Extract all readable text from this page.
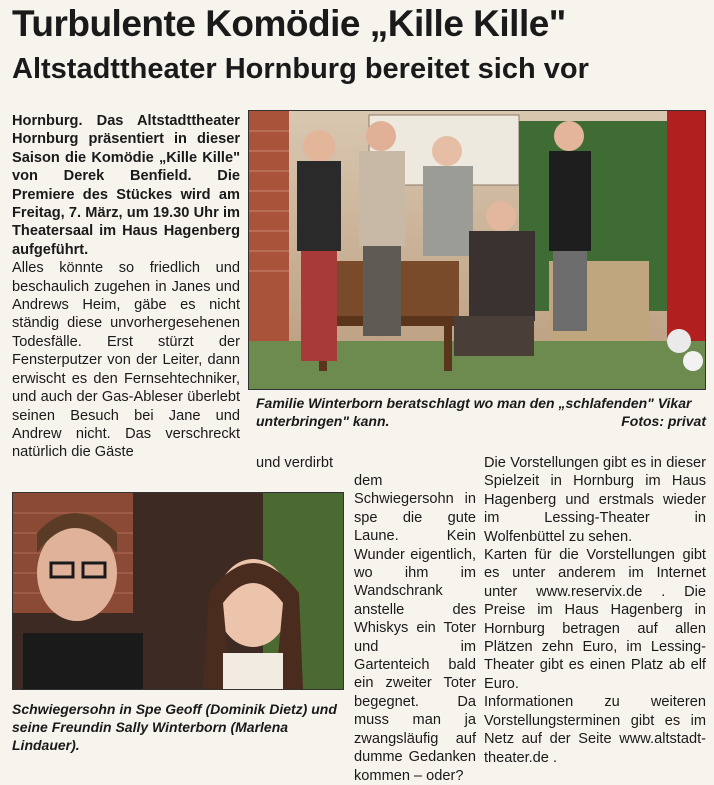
Turbulente Komödie „Kille Kille"
Altstadttheater Hornburg bereitet sich vor

Hornburg. Das Altstadttheater Hornburg präsentiert in dieser Saison die Komödie „Kille Kille" von Derek Benfield. Die Premiere des Stückes wird am Freitag, 7. März, um 19.30 Uhr im Theatersaal im Haus Hagenberg aufgeführt.

Alles könnte so friedlich und beschaulich zugehen in Janes und Andrews Heim, gäbe es nicht ständig diese unvorhergesehenen Todesfälle. Erst stürzt der Fensterputzer von der Leiter, dann erwischt es den Fernsehtechniker, und auch der Gas-Ableser überlebt seinen Besuch bei Jane und Andrew nicht. Das verschreckt natürlich die Gäste

und verdirbt
Familie Winterborn beratschlagt wo man den „schlafenden" Vikar unterbringen" kann.	Fotos: privat
Schwiegersohn in Spe Geoff (Dominik Dietz) und seine Freundin Sally Winterborn (Marlena Lindauer).

dem Schwiegersohn in spe die gute Laune. Kein Wunder eigentlich, wo ihm im Wandschrank anstelle des Whiskys ein Toter und im Gartenteich bald ein zweiter Toter begegnet. Da muss man ja zwangsläufig auf dumme Gedanken kommen – oder?

Die Vorstellungen gibt es in dieser Spielzeit in Hornburg im Haus Hagenberg und erstmals wieder im Lessing-Theater in Wolfenbüttel zu sehen.

Karten für die Vorstellungen gibt es unter anderem im Internet unter www.reservix.de . Die Preise im Haus Hagenberg in Hornburg betragen auf allen Plätzen zehn Euro, im Lessing-Theater gibt es einen Platz ab elf Euro.

Informationen zu weiteren Vorstellungsterminen gibt es im Netz auf der Seite www.altstadt-theater.de .
